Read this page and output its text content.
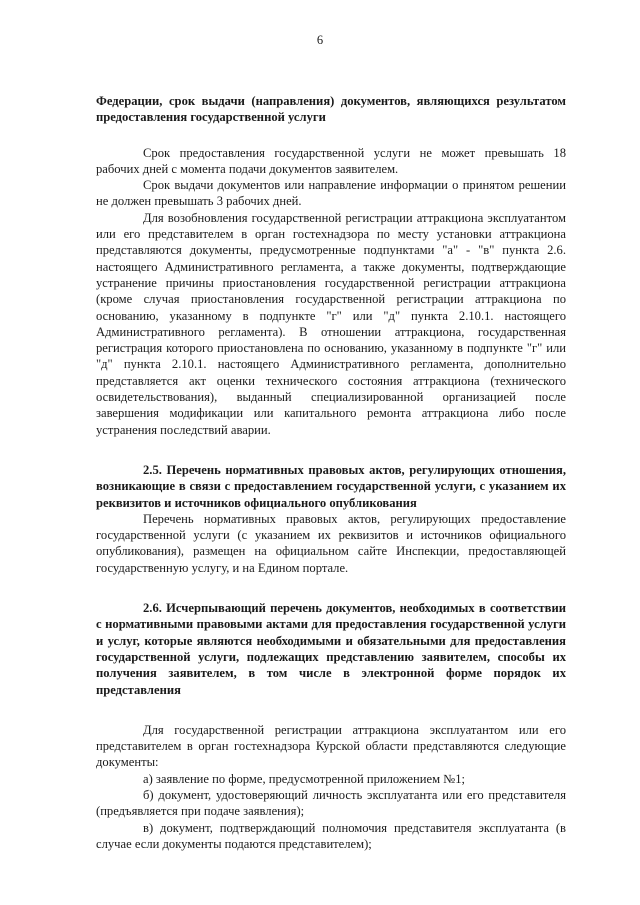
6

Федерации, срок выдачи (направления) документов, являющихся результатом предоставления государственной услуги

Срок предоставления государственной услуги не может превышать 18 рабочих дней с момента подачи документов заявителем.

Срок выдачи документов или направление информации о принятом решении не должен превышать 3 рабочих дней.

Для возобновления государственной регистрации аттракциона эксплуатантом или его представителем в орган гостехнадзора по месту установки аттракциона представляются документы, предусмотренные подпунктами "а" - "в" пункта 2.6. настоящего Административного регламента, а также документы, подтверждающие устранение причины приостановления государственной регистрации аттракциона (кроме случая приостановления государственной регистрации аттракциона по основанию, указанному в подпункте "г" или "д" пункта 2.10.1. настоящего Административного регламента). В отношении аттракциона, государственная регистрация которого приостановлена по основанию, указанному в подпункте "г" или "д" пункта 2.10.1. настоящего Административного регламента, дополнительно представляется акт оценки технического состояния аттракциона (технического освидетельствования), выданный специализированной организацией после завершения модификации или капитального ремонта аттракциона либо после устранения последствий аварии.

2.5. Перечень нормативных правовых актов, регулирующих отношения, возникающие в связи с предоставлением государственной услуги, с указанием их реквизитов и источников официального опубликования

Перечень нормативных правовых актов, регулирующих предоставление государственной услуги (с указанием их реквизитов и источников официального опубликования), размещен на официальном сайте Инспекции, предоставляющей государственную услугу, и на Едином портале.

2.6. Исчерпывающий перечень документов, необходимых в соответствии с нормативными правовыми актами для предоставления государственной услуги и услуг, которые являются необходимыми и обязательными для предоставления государственной услуги, подлежащих представлению заявителем, способы их получения заявителем, в том числе в электронной форме порядок их представления

Для государственной регистрации аттракциона эксплуатантом или его представителем в орган гостехнадзора Курской области представляются следующие документы:

а) заявление по форме, предусмотренной приложением №1;

б) документ, удостоверяющий личность эксплуатанта или его представителя (предъявляется при подаче заявления);

в) документ, подтверждающий полномочия представителя эксплуатанта (в случае если документы подаются представителем);
